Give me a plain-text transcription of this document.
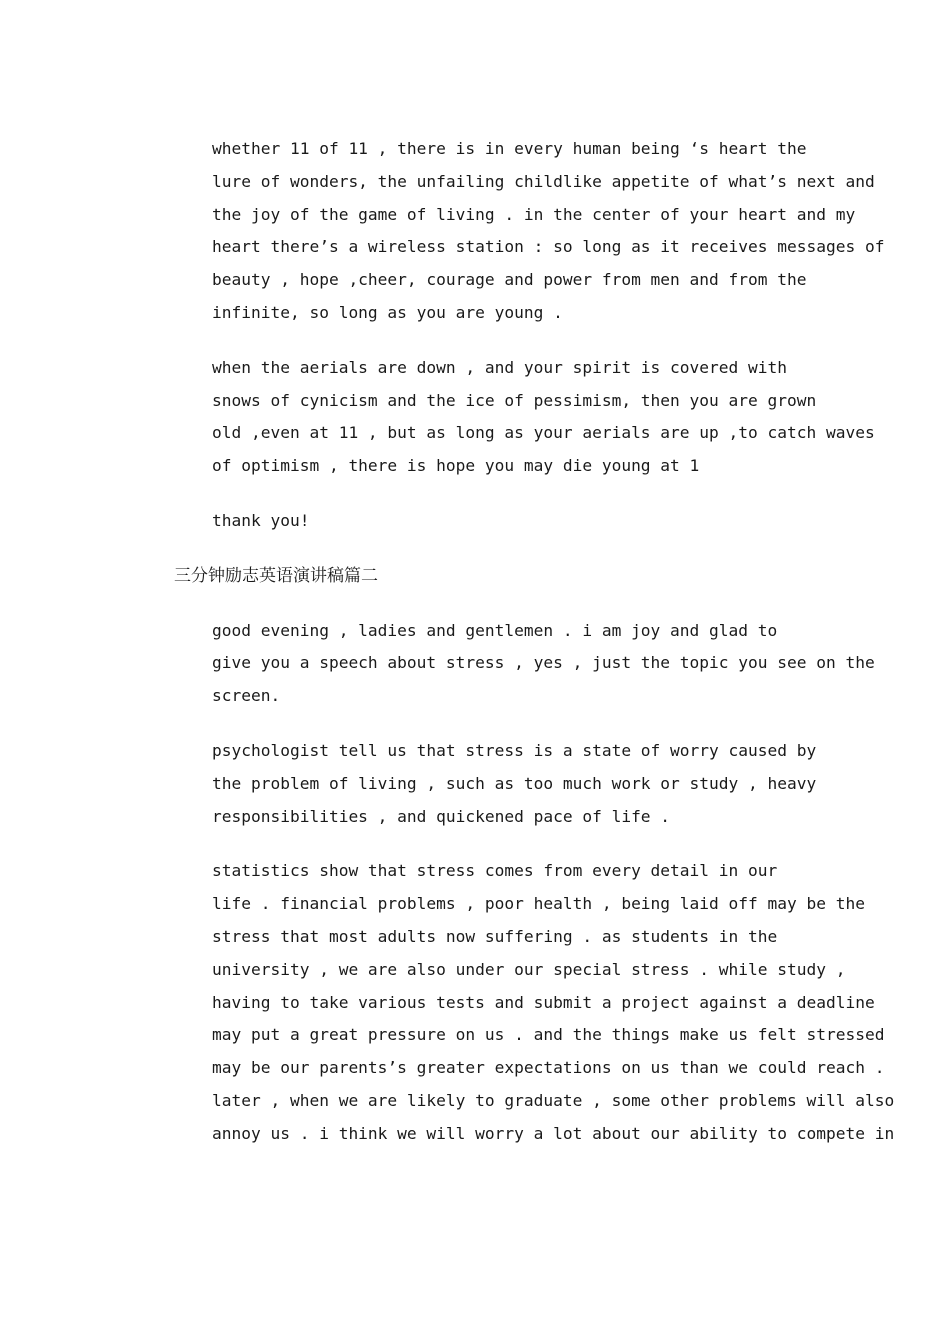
whether 11 of 11 , there is in every human being ‘s heart the
lure of wonders, the unfailing childlike appetite of what’s next and
the joy of the game of living . in the center of your heart and my
heart there’s a wireless station : so long as it receives messages of
beauty , hope ,cheer, courage and power from men and from the
infinite, so long as you are young .

when the aerials are down , and your spirit is covered with
snows of cynicism and the ice of pessimism, then you are grown
old ,even at 11 , but as long as your aerials are up ,to catch waves
of optimism , there is hope you may die young at 1

thank you!

三分钟励志英语演讲稿篇二

good evening , ladies and gentlemen . i am joy and glad to
give you a speech about stress , yes , just the topic you see on the
screen.

psychologist tell us that stress is a state of worry caused by
the problem of living , such as too much work or study , heavy
responsibilities , and quickened pace of life .

statistics show that stress comes from every detail in our
life . financial problems , poor health , being laid off may be the
stress that most adults now suffering . as students in the
university , we are also under our special stress . while study ,
having to take various tests and submit a project against a deadline
may put a great pressure on us . and the things make us felt stressed
may be our parents’s greater expectations on us than we could reach .
later , when we are likely to graduate , some other problems will also
annoy us . i think we will worry a lot about our ability to compete in
